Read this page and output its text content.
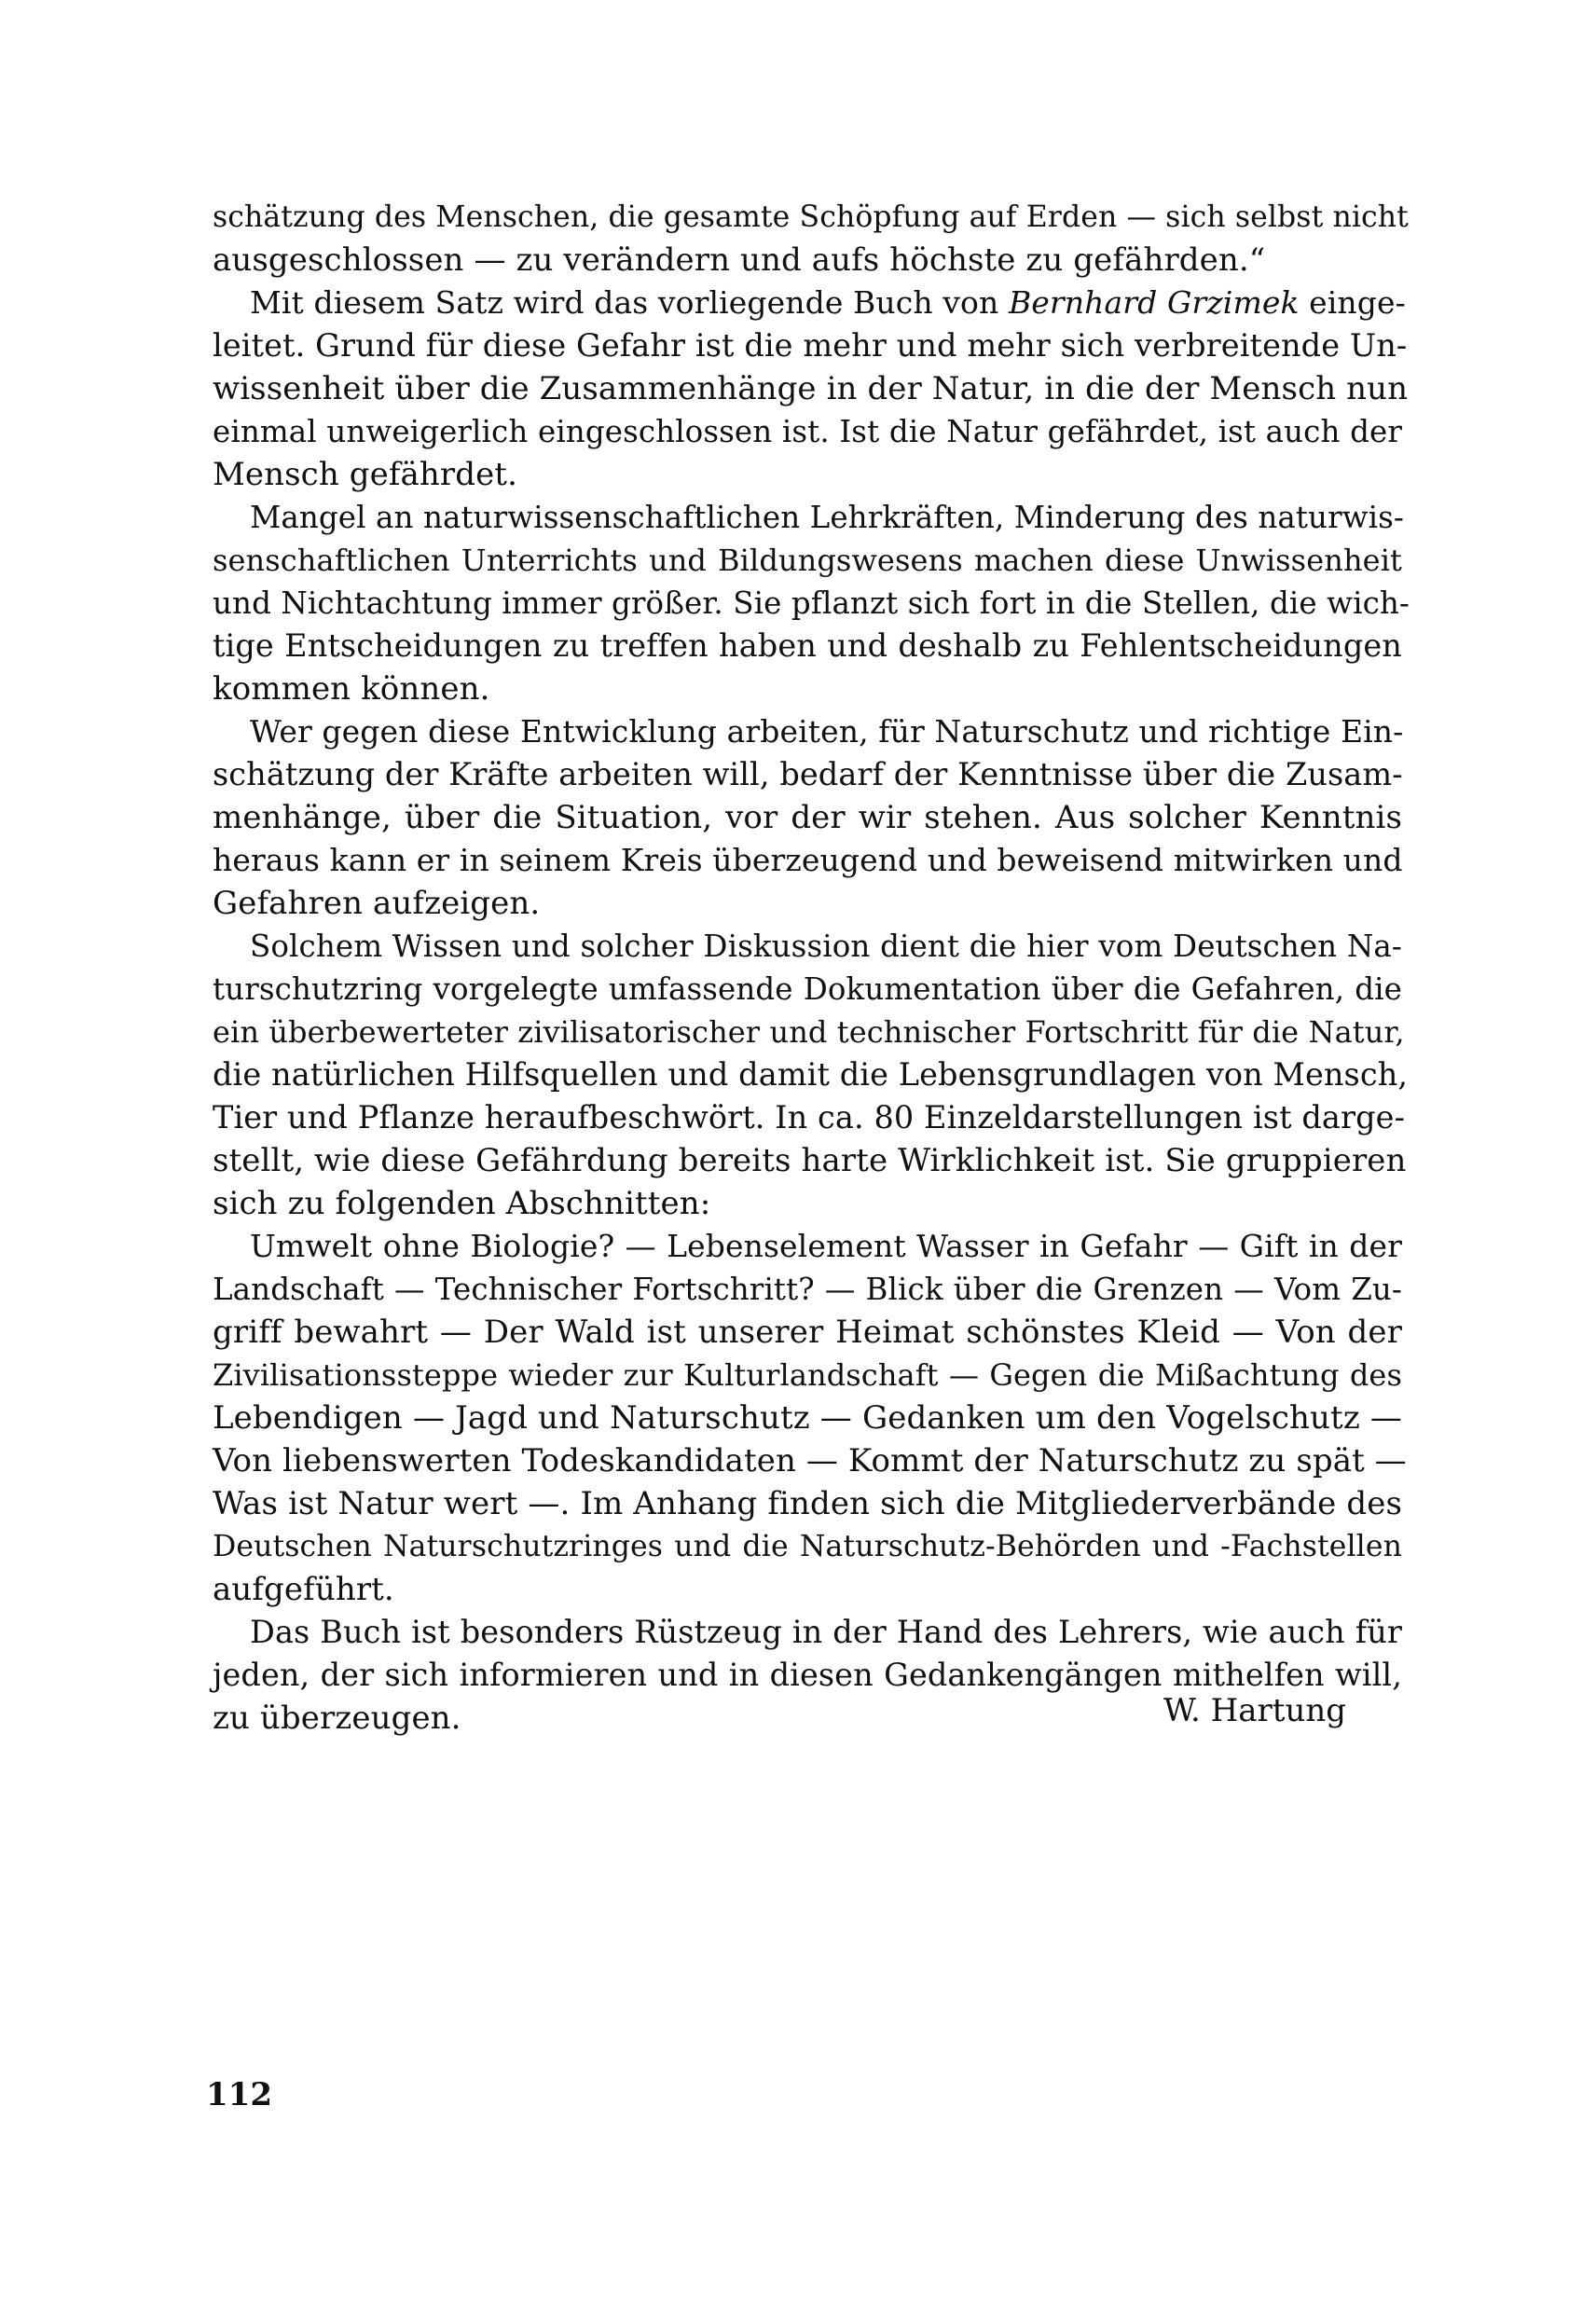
schätzung des Menschen, die gesamte Schöpfung auf Erden — sich selbst nicht
ausgeschlossen — zu verändern und aufs höchste zu gefährden.“
Mit diesem Satz wird das vorliegende Buch von Bernhard Grzimek einge-
leitet. Grund für diese Gefahr ist die mehr und mehr sich verbreitende Un-
wissenheit über die Zusammenhänge in der Natur, in die der Mensch nun
einmal unweigerlich eingeschlossen ist. Ist die Natur gefährdet, ist auch der
Mensch gefährdet.
Mangel an naturwissenschaftlichen Lehrkräften, Minderung des naturwis-
senschaftlichen Unterrichts und Bildungswesens machen diese Unwissenheit
und Nichtachtung immer größer. Sie pflanzt sich fort in die Stellen, die wich-
tige Entscheidungen zu treffen haben und deshalb zu Fehlentscheidungen
kommen können.
Wer gegen diese Entwicklung arbeiten, für Naturschutz und richtige Ein-
schätzung der Kräfte arbeiten will, bedarf der Kenntnisse über die Zusam-
menhänge, über die Situation, vor der wir stehen. Aus solcher Kenntnis
heraus kann er in seinem Kreis überzeugend und beweisend mitwirken und
Gefahren aufzeigen.
Solchem Wissen und solcher Diskussion dient die hier vom Deutschen Na-
turschutzring vorgelegte umfassende Dokumentation über die Gefahren, die
ein überbewerteter zivilisatorischer und technischer Fortschritt für die Natur,
die natürlichen Hilfsquellen und damit die Lebensgrundlagen von Mensch,
Tier und Pflanze heraufbeschwört. In ca. 80 Einzeldarstellungen ist darge-
stellt, wie diese Gefährdung bereits harte Wirklichkeit ist. Sie gruppieren
sich zu folgenden Abschnitten:
Umwelt ohne Biologie? — Lebenselement Wasser in Gefahr — Gift in der
Landschaft — Technischer Fortschritt? — Blick über die Grenzen — Vom Zu-
griff bewahrt — Der Wald ist unserer Heimat schönstes Kleid — Von der
Zivilisationssteppe wieder zur Kulturlandschaft — Gegen die Mißachtung des
Lebendigen — Jagd und Naturschutz — Gedanken um den Vogelschutz —
Von liebenswerten Todeskandidaten — Kommt der Naturschutz zu spät —
Was ist Natur wert —. Im Anhang finden sich die Mitgliederverbände des
Deutschen Naturschutzringes und die Naturschutz-Behörden und -Fachstellen
aufgeführt.
Das Buch ist besonders Rüstzeug in der Hand des Lehrers, wie auch für
jeden, der sich informieren und in diesen Gedankengängen mithelfen will,
zu überzeugen.	W. Hartung
112
